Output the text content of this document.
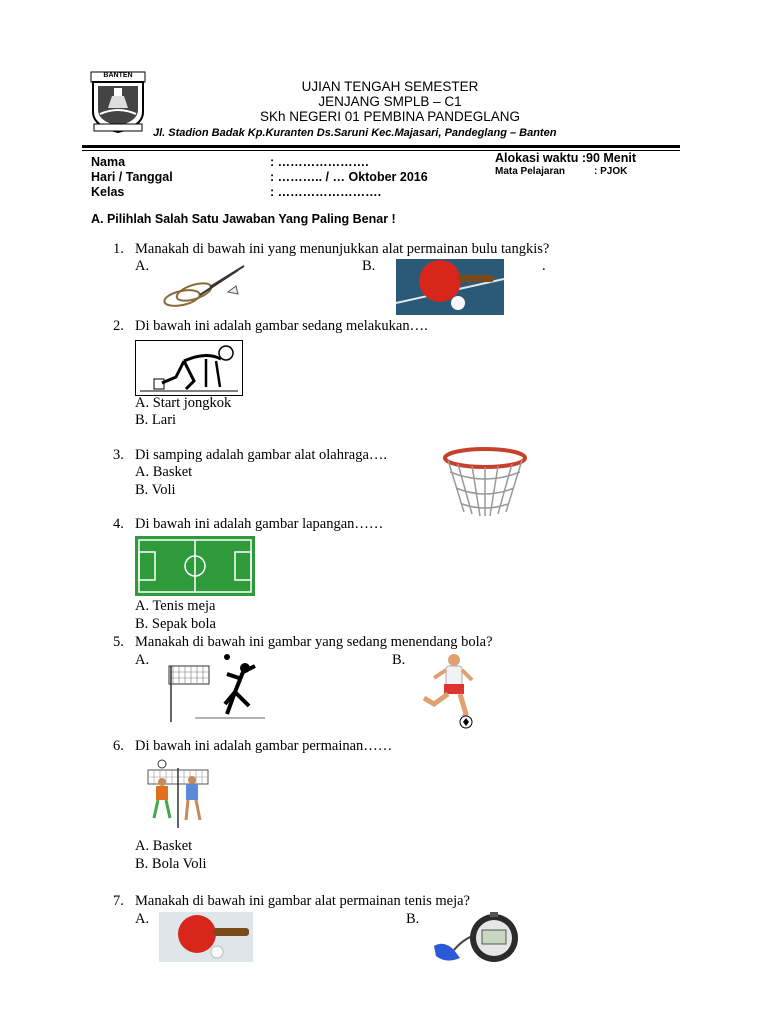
BANTEN
UJIAN TENGAH SEMESTER
JENJANG SMPLB – C1
SKh NEGERI 01 PEMBINA PANDEGLANG
Jl. Stadion Badak Kp.Kuranten Ds.Saruni Kec.Majasari, Pandeglang – Banten
Nama	: ………………….
Hari / Tanggal	: ……….. / … Oktober 2016
Kelas	: …………………….
Alokasi waktu :90 Menit
Mata Pelajaran	: PJOK
A. Pilihlah Salah Satu Jawaban Yang Paling Benar !
1. Manakah di bawah ini yang menunjukkan alat permainan bulu tangkis?
A.	B.	.
2. Di bawah ini adalah gambar sedang melakukan….
A. Start jongkok
B. Lari
3. Di samping adalah gambar alat olahraga….
A. Basket
B. Voli
4. Di bawah ini adalah gambar lapangan……
A. Tenis meja
B. Sepak bola
5. Manakah di bawah ini gambar yang sedang menendang bola?
A.	B.
6. Di bawah ini adalah gambar permainan……
A. Basket
B. Bola Voli
7. Manakah di bawah ini gambar alat permainan tenis meja?
A.	B.
